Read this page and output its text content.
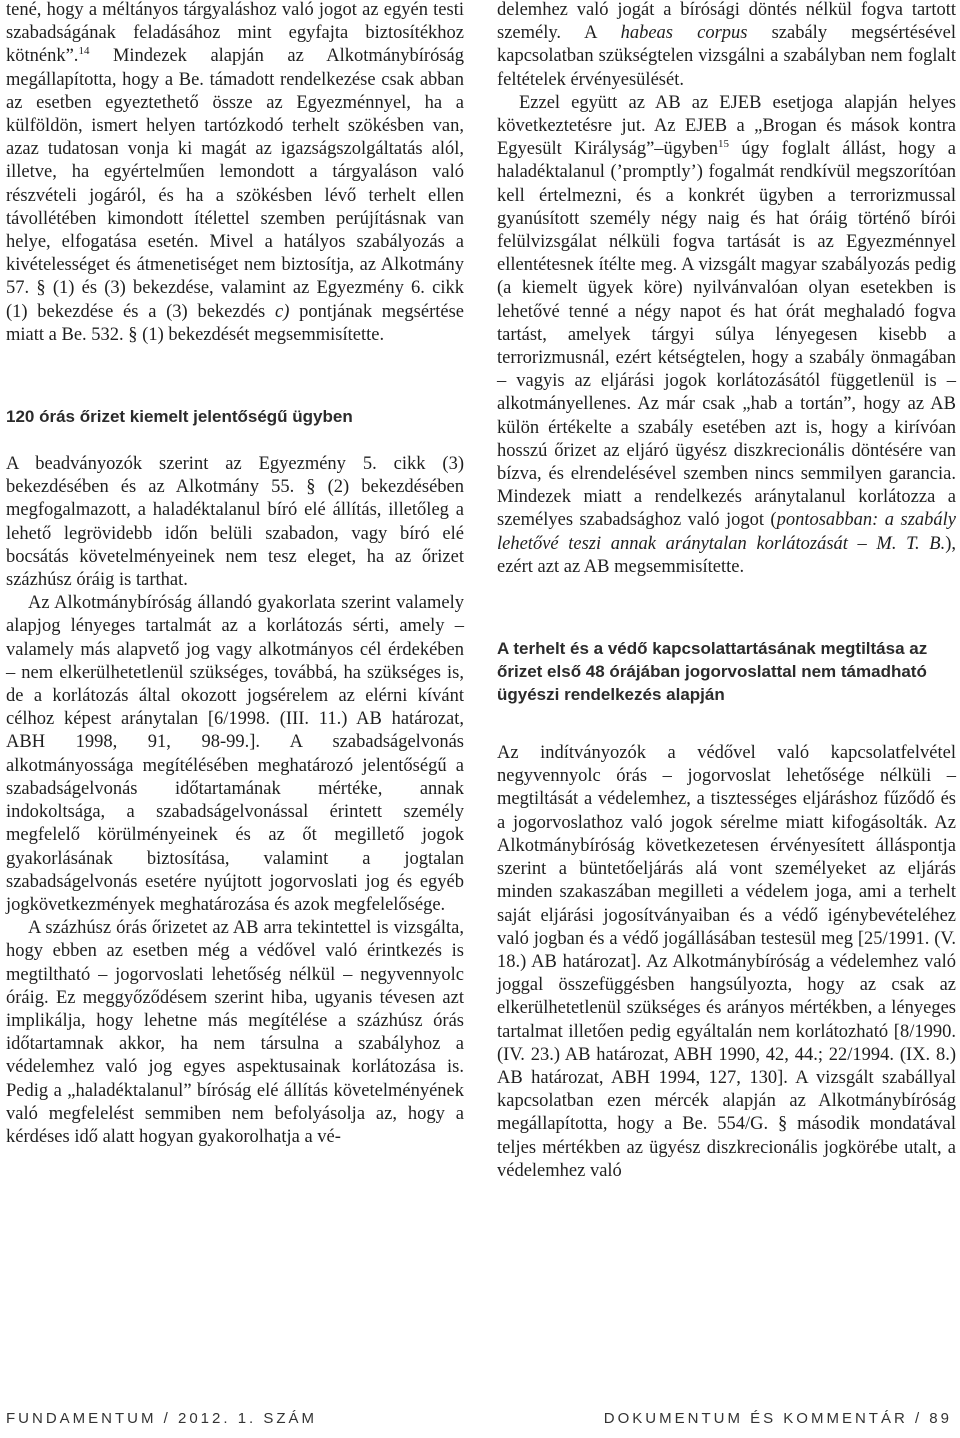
tené, hogy a méltányos tárgyaláshoz való jogot az egyén testi szabadságának feladásához mint egyfajta biztosítékhoz kötnénk”.$^{14}$ Mindezek alapján az Alkotmánybíróság megállapította, hogy a Be. támadott rendelkezése csak abban az esetben egyeztethető össze az Egyezménnyel, ha a külföldön, ismert helyen tartózkodó terhelt szökésben van, azaz tudatosan vonja ki magát az igazságszolgáltatás alól, illetve, ha egyértelműen lemondott a tárgyaláson való részvételi jogáról, és ha a szökésben lévő terhelt ellen távollétében kimondott ítélettel szemben perújításnak van helye, elfogatása esetén. Mivel a hatályos szabályozás a kivételességet és átmenetiséget nem biztosítja, az Alkotmány 57. § (1) és (3) bekezdése, valamint az Egyezmény 6. cikk (1) bekezdése és a (3) bekezdés c) pontjának megsértése miatt a Be. 532. § (1) bekezdését megsemmisítette.

120 órás őrizet kiemelt jelentőségű ügyben

A beadványozók szerint az Egyezmény 5. cikk (3) bekezdésében és az Alkotmány 55. § (2) bekezdésében megfogalmazott, a haladéktalanul bíró elé állítás, illetőleg a lehető legrövidebb időn belüli szabadon, vagy bíró elé bocsátás követelményeinek nem tesz eleget, ha az őrizet százhúsz óráig is tarthat.

Az Alkotmánybíróság állandó gyakorlata szerint valamely alapjog lényeges tartalmát az a korlátozás sérti, amely – valamely más alapvető jog vagy alkotmányos cél érdekében – nem elkerülhetetlenül szükséges, továbbá, ha szükséges is, de a korlátozás által okozott jogsérelem az elérni kívánt célhoz képest aránytalan [6/1998. (III. 11.) AB határozat, ABH 1998, 91, 98-99.]. A szabadságelvonás alkotmányossága megítélésében meghatározó jelentőségű a szabadságelvonás időtartamának mértéke, annak indokoltsága, a szabadságelvonással érintett személy megfelelő körülményeinek és az őt megillető jogok gyakorlásának biztosítása, valamint a jogtalan szabadságelvonás esetére nyújtott jogorvoslati jog és egyéb jogkövetkezmények meghatározása és azok megfelelősége.

A százhúsz órás őrizetet az AB arra tekintettel is vizsgálta, hogy ebben az esetben még a védővel való érintkezés is megtiltható – jogorvoslati lehetőség nélkül – negyvennyolc óráig. Ez meggyőződésem szerint hiba, ugyanis tévesen azt implikálja, hogy lehetne más megítélése a százhúsz órás időtartamnak akkor, ha nem társulna a szabályhoz a védelemhez való jog egyes aspektusainak korlátozása is. Pedig a „haladéktalanul” bíróság elé állítás követelményének való megfelelést semmiben nem befolyásolja az, hogy a kérdéses idő alatt hogyan gyakorolhatja a vé-

delemhez való jogát a bírósági döntés nélkül fogva tartott személy. A habeas corpus szabály megsértésével kapcsolatban szükségtelen vizsgálni a szabályban nem foglalt feltételek érvényesülését.

Ezzel együtt az AB az EJEB esetjoga alapján helyes következtetésre jut. Az EJEB a „Brogan és mások kontra Egyesült Királyság”–ügyben$^{15}$ úgy foglalt állást, hogy a haladéktalanul (’promptly’) fogalmát rendkívül megszorítóan kell értelmezni, és a konkrét ügyben a terrorizmussal gyanúsított személy négy naig és hat óráig történő bírói felülvizsgálat nélküli fogva tartását is az Egyezménnyel ellentétesnek ítélte meg. A vizsgált magyar szabályozás pedig (a kiemelt ügyek köre) nyilvánvalóan olyan esetekben is lehetővé tenné a négy napot és hat órát meghaladó fogva tartást, amelyek tárgyi súlya lényegesen kisebb a terrorizmusnál, ezért kétségtelen, hogy a szabály önmagában – vagyis az eljárási jogok korlátozásától függetlenül is – alkotmányellenes. Az már csak „hab a tortán”, hogy az AB külön értékelte a szabály esetében azt is, hogy a kirívóan hosszú őrizet az eljáró ügyész diszkrecionális döntésére van bízva, és elrendelésével szemben nincs semmilyen garancia. Mindezek miatt a rendelkezés aránytalanul korlátozza a személyes szabadsághoz való jogot (pontosabban: a szabály lehetővé teszi annak aránytalan korlátozását – M. T. B.), ezért azt az AB megsemmisítette.

A terhelt és a védő kapcsolattartásának megtiltása az őrizet első 48 órájában jogorvoslattal nem támadható ügyészi rendelkezés alapján

Az indítványozók a védővel való kapcsolatfelvétel negyvennyolc órás – jogorvoslat lehetősége nélküli – megtiltását a védelemhez, a tisztességes eljáráshoz fűződő és a jogorvoslathoz való jogok sérelme miatt kifogásolták. Az Alkotmánybíróság következetesen érvényesített álláspontja szerint a büntetőeljárás alá vont személyeket az eljárás minden szakaszában megilleti a védelem joga, ami a terhelt saját eljárási jogosítványaiban és a védő igénybevételéhez való jogban és a védő jogállásában testesül meg [25/1991. (V. 18.) AB határozat]. Az Alkotmánybíróság a védelemhez való joggal összefüggésben hangsúlyozta, hogy az csak az elkerülhetetlenül szükséges és arányos mértékben, a lényeges tartalmat illetően pedig egyáltalán nem korlátozható [8/1990. (IV. 23.) AB határozat, ABH 1990, 42, 44.; 22/1994. (IX. 8.) AB határozat, ABH 1994, 127, 130]. A vizsgált szabállyal kapcsolatban ezen mércék alapján az Alkotmánybíróság megállapította, hogy a Be. 554/G. § második mondatával teljes mértékben az ügyész diszkrecionális jogkörébe utalt, a védelemhez való

FUNDAMENTUM / 2012. 1. SZÁM	DOKUMENTUM ÉS KOMMENTÁR / 89
